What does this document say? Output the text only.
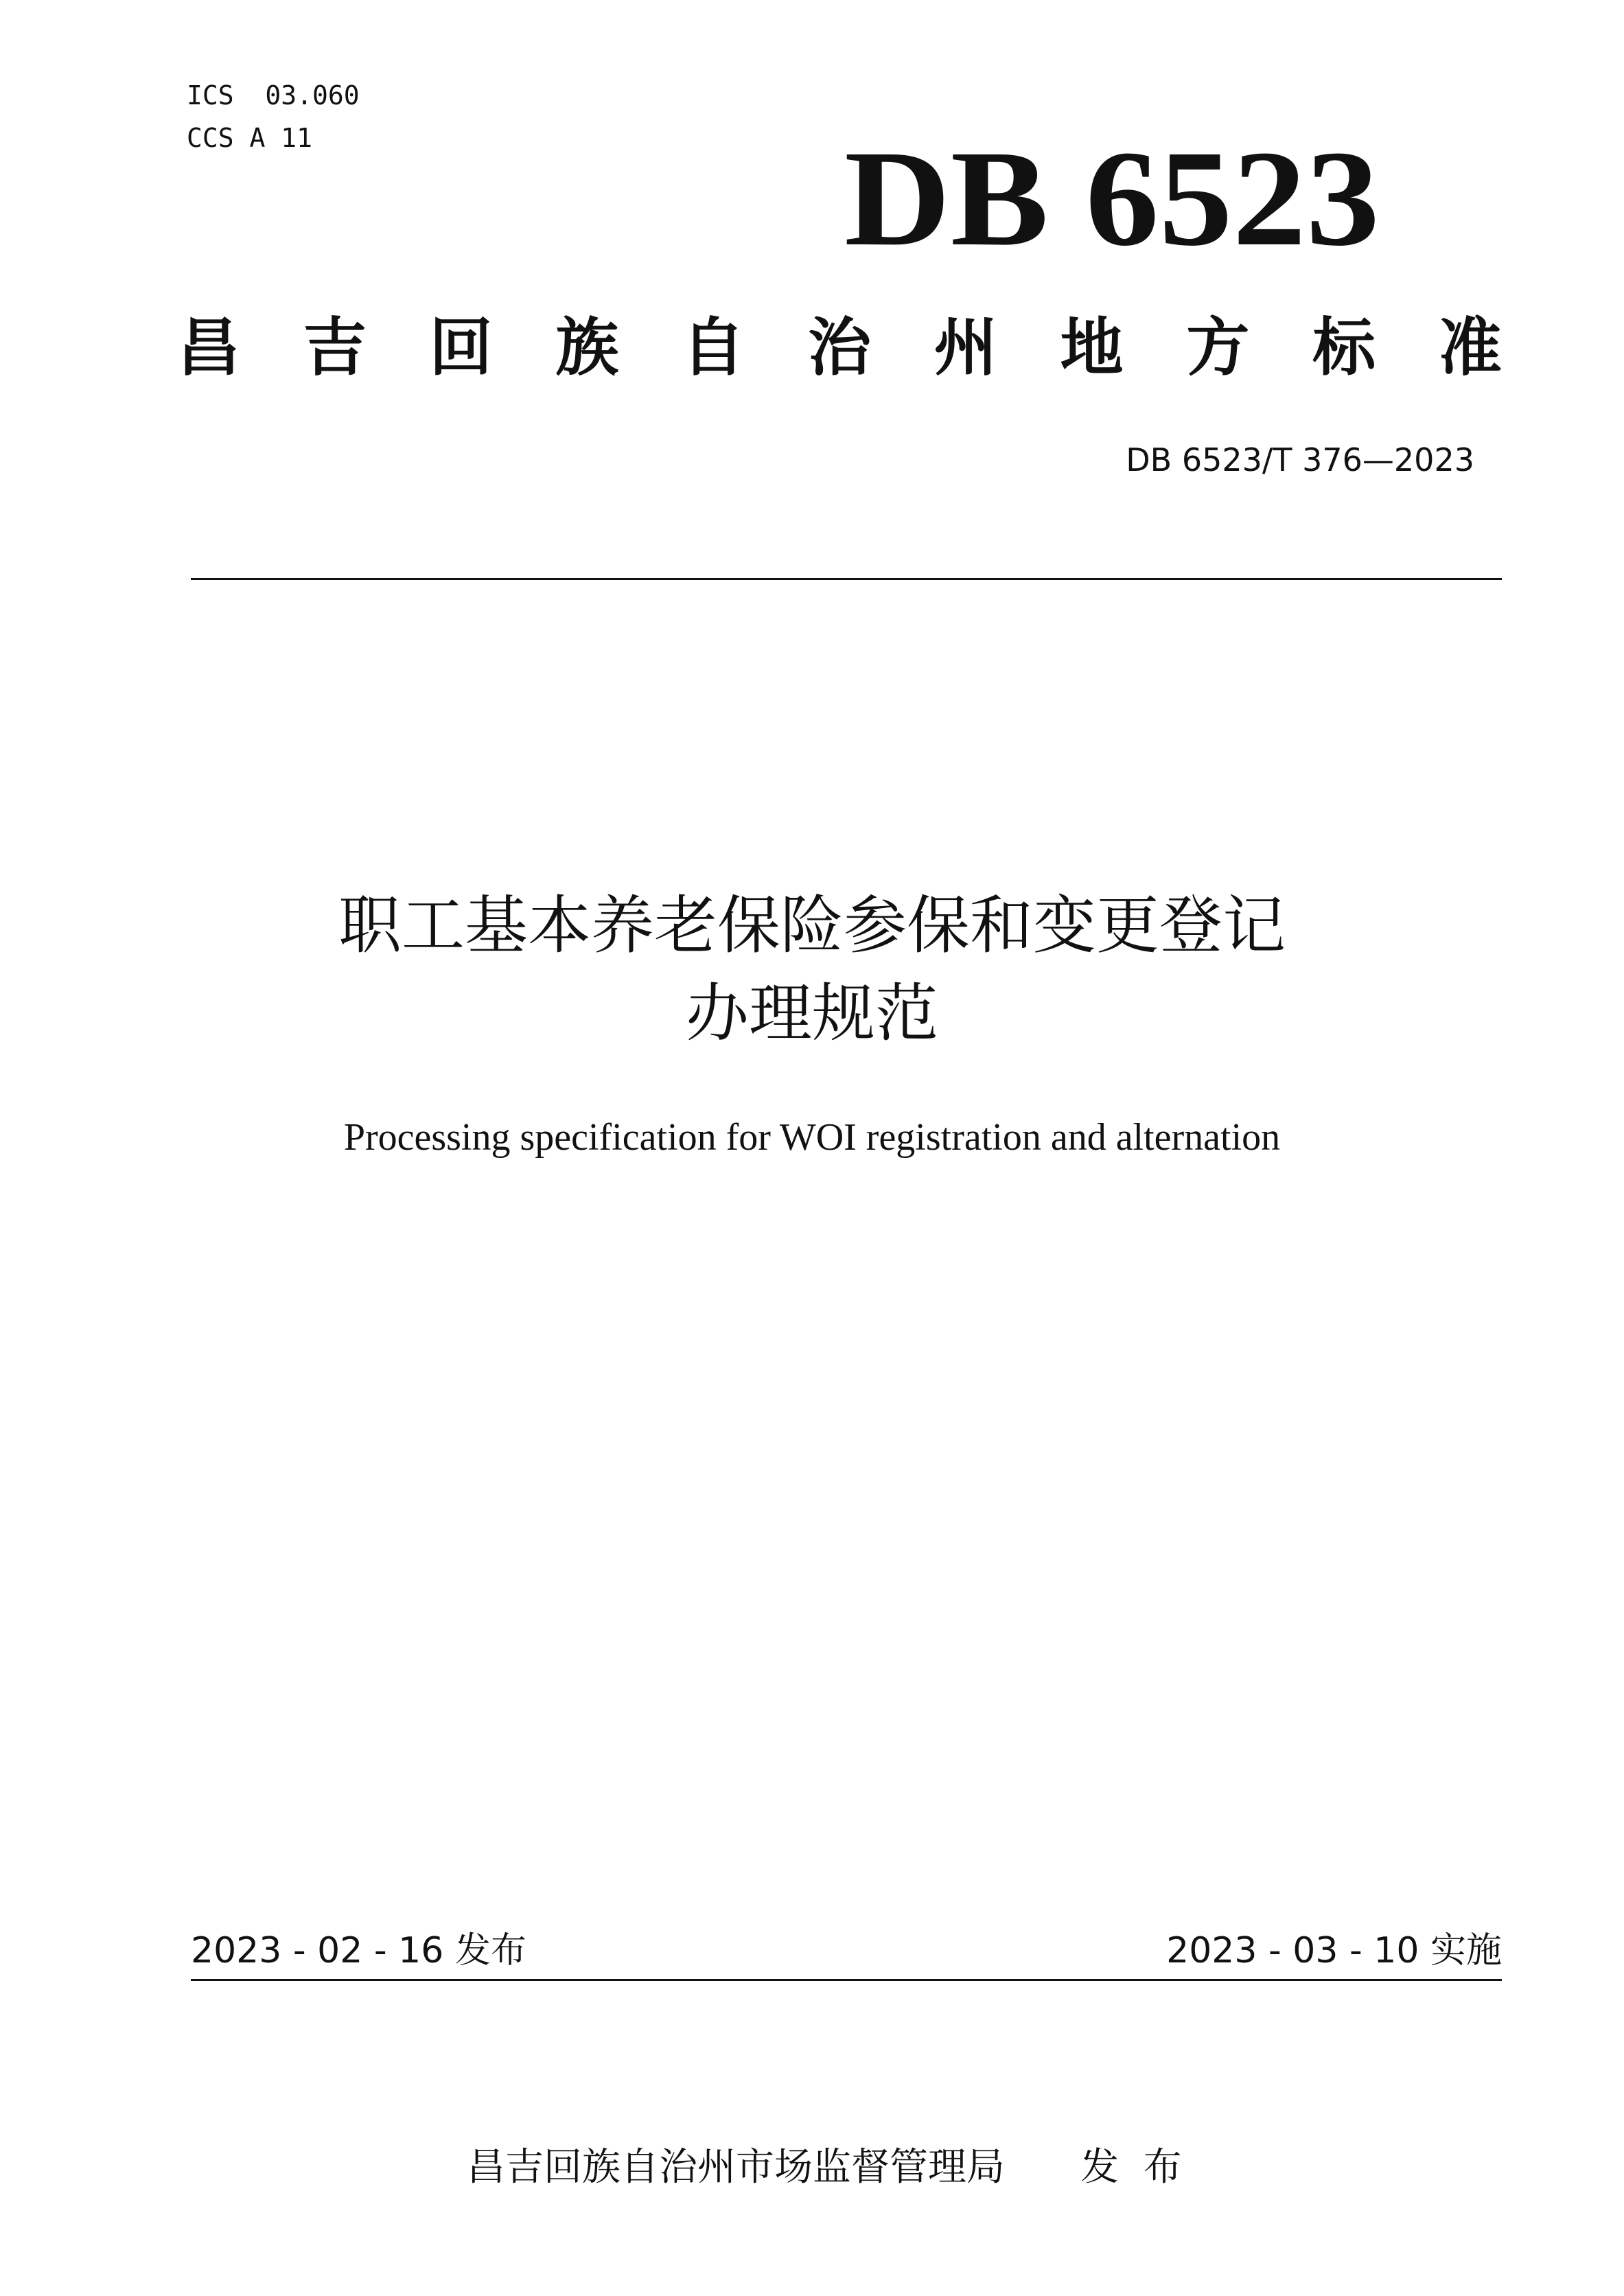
ICS
03.060
CCS
A 11	DB 6523
昌 吉 回 族 自 治 州 地 方 标 准
DB 6523/T 376—2023
职工基本养老保险参保和变更登记
办理规范
Processing specification for WOI registration and alternation
2023 - 02 - 16 发布	2023 - 03 - 10 实施

昌吉回族自治州市场监督管理局 发  布
